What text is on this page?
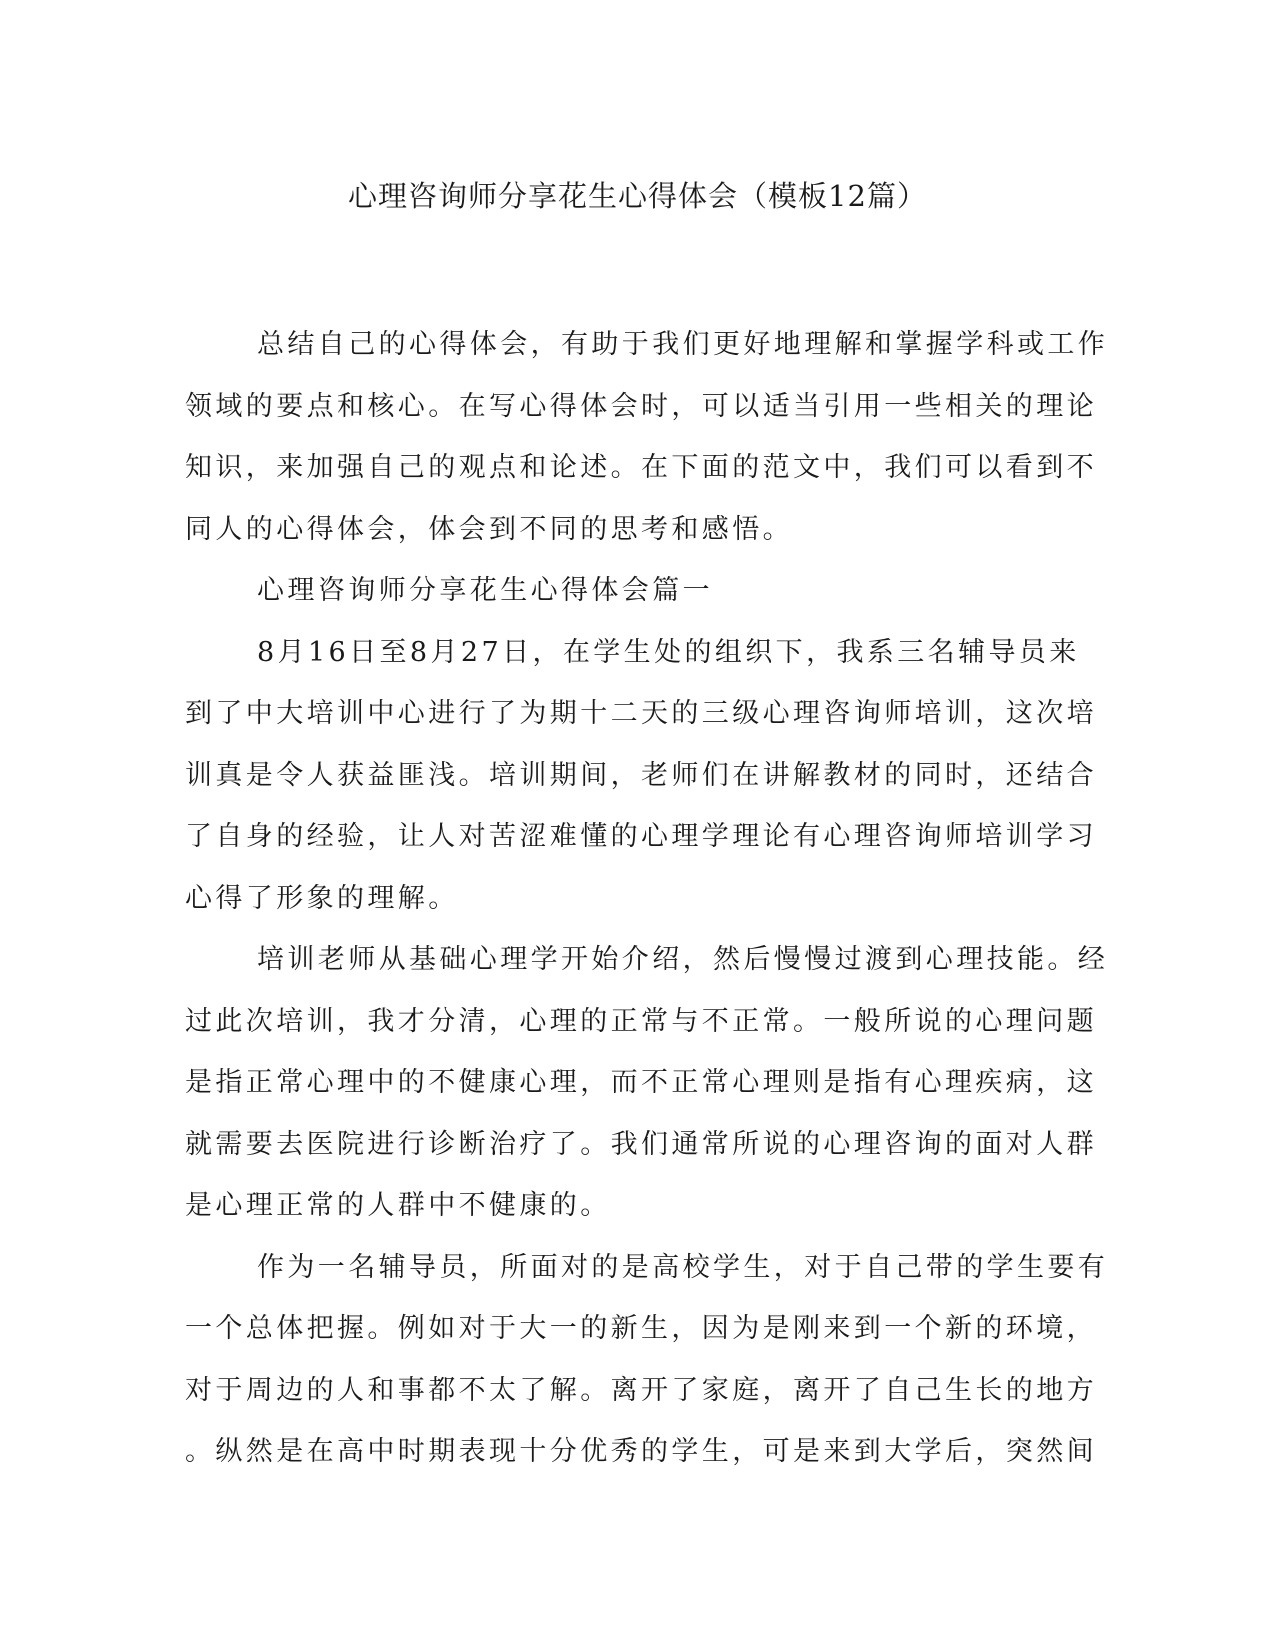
心理咨询师分享花生心得体会（模板12篇）
总结自己的心得体会，有助于我们更好地理解和掌握学科或工作
领域的要点和核心。在写心得体会时，可以适当引用一些相关的理论
知识，来加强自己的观点和论述。在下面的范文中，我们可以看到不
同人的心得体会，体会到不同的思考和感悟。
心理咨询师分享花生心得体会篇一
8月16日至8月27日，在学生处的组织下，我系三名辅导员来
到了中大培训中心进行了为期十二天的三级心理咨询师培训，这次培
训真是令人获益匪浅。培训期间，老师们在讲解教材的同时，还结合
了自身的经验，让人对苦涩难懂的心理学理论有心理咨询师培训学习
心得了形象的理解。
培训老师从基础心理学开始介绍，然后慢慢过渡到心理技能。经
过此次培训，我才分清，心理的正常与不正常。一般所说的心理问题
是指正常心理中的不健康心理，而不正常心理则是指有心理疾病，这
就需要去医院进行诊断治疗了。我们通常所说的心理咨询的面对人群
是心理正常的人群中不健康的。
作为一名辅导员，所面对的是高校学生，对于自己带的学生要有
一个总体把握。例如对于大一的新生，因为是刚来到一个新的环境，
对于周边的人和事都不太了解。离开了家庭，离开了自己生长的地方
。纵然是在高中时期表现十分优秀的学生，可是来到大学后，突然间
